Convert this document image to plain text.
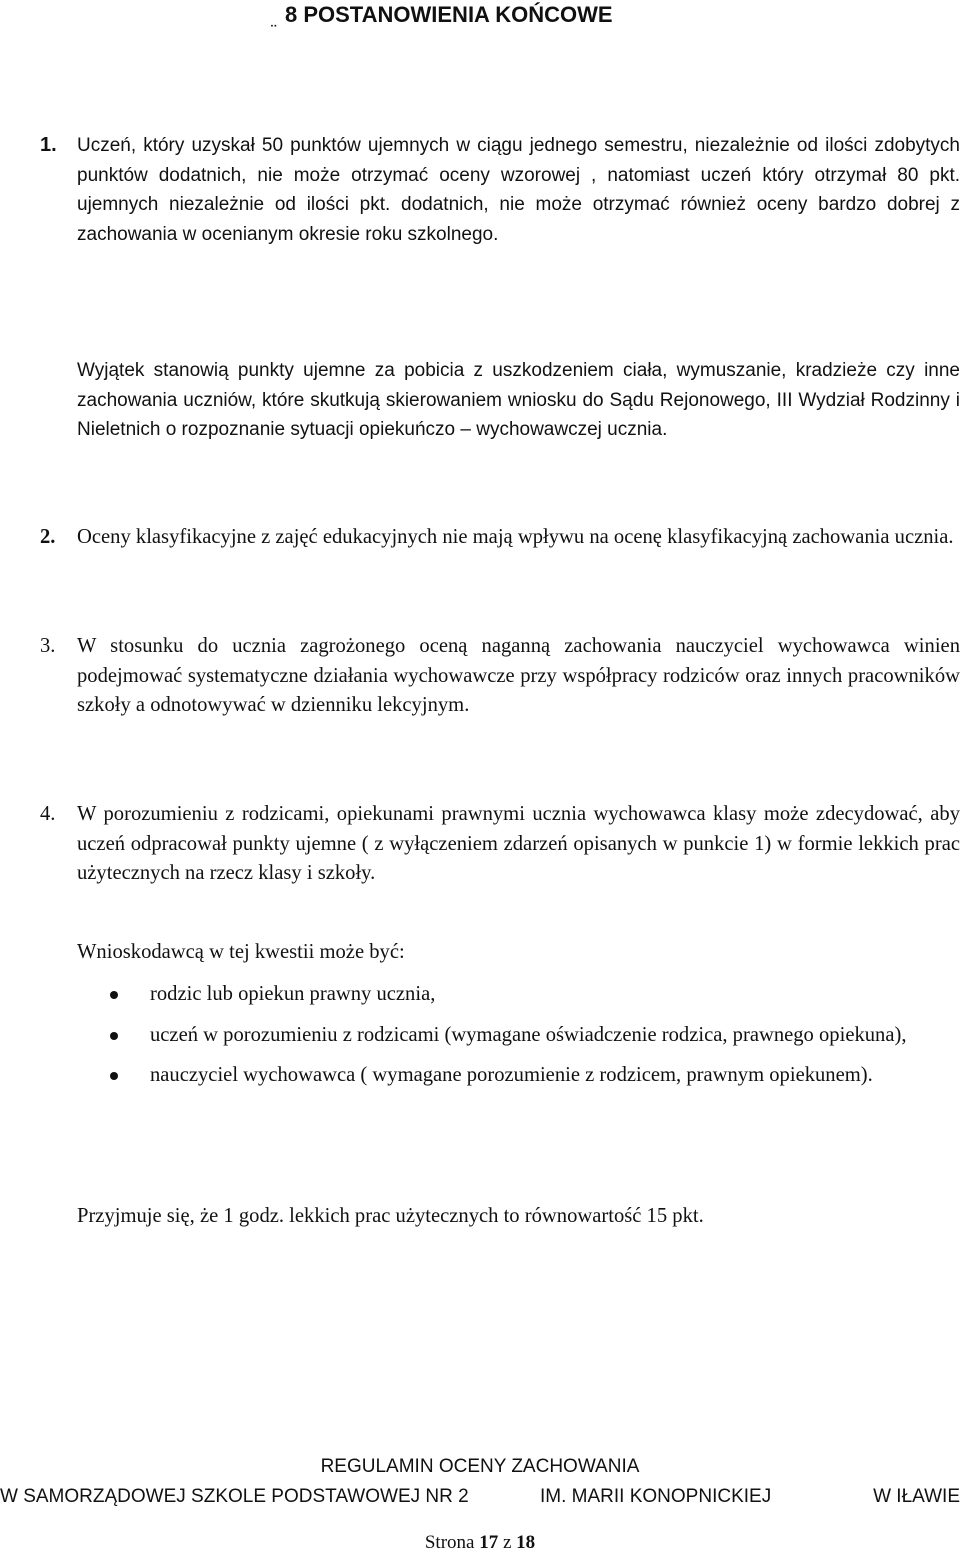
¨
8 POSTANOWIENIA KOŃCOWE
1. Uczeń, który uzyskał 50 punktów ujemnych w ciągu jednego semestru, niezależnie od ilości zdobytych punktów dodatnich, nie może otrzymać oceny wzorowej , natomiast uczeń który otrzymał 80 pkt. ujemnych niezależnie od ilości pkt. dodatnich, nie może otrzymać również oceny bardzo dobrej z zachowania w ocenianym okresie roku szkolnego.
Wyjątek stanowią punkty ujemne za pobicia z uszkodzeniem ciała, wymuszanie, kradzieże czy inne zachowania uczniów, które skutkują skierowaniem wniosku do Sądu Rejonowego, III Wydział Rodzinny i Nieletnich o rozpoznanie sytuacji opiekuńczo – wychowawczej ucznia.
2. Oceny klasyfikacyjne z zajęć edukacyjnych nie mają wpływu na ocenę klasyfikacyjną zachowania ucznia.
3. W stosunku do ucznia zagrożonego oceną naganną zachowania nauczyciel wychowawca winien podejmować systematyczne działania wychowawcze przy współpracy rodziców oraz innych pracowników szkoły a odnotowywać w dzienniku lekcyjnym.
4. W porozumieniu z rodzicami, opiekunami prawnymi ucznia wychowawca klasy może zdecydować, aby uczeń odpracował punkty ujemne ( z wyłączeniem zdarzeń opisanych w punkcie 1) w formie lekkich prac użytecznych na rzecz klasy i szkoły.
Wnioskodawcą w tej kwestii może być:
rodzic lub opiekun prawny ucznia,
uczeń w porozumieniu z rodzicami (wymagane oświadczenie rodzica, prawnego opiekuna),
nauczyciel wychowawca ( wymagane porozumienie z rodzicem, prawnym opiekunem).
Przyjmuje się, że 1 godz. lekkich prac użytecznych to równowartość 15 pkt.
REGULAMIN OCENY ZACHOWANIA
W SAMORZĄDOWEJ SZKOLE PODSTAWOWEJ NR 2	IM. MARII KONOPNICKIEJ	W IŁAWIE
Strona 17 z 18
